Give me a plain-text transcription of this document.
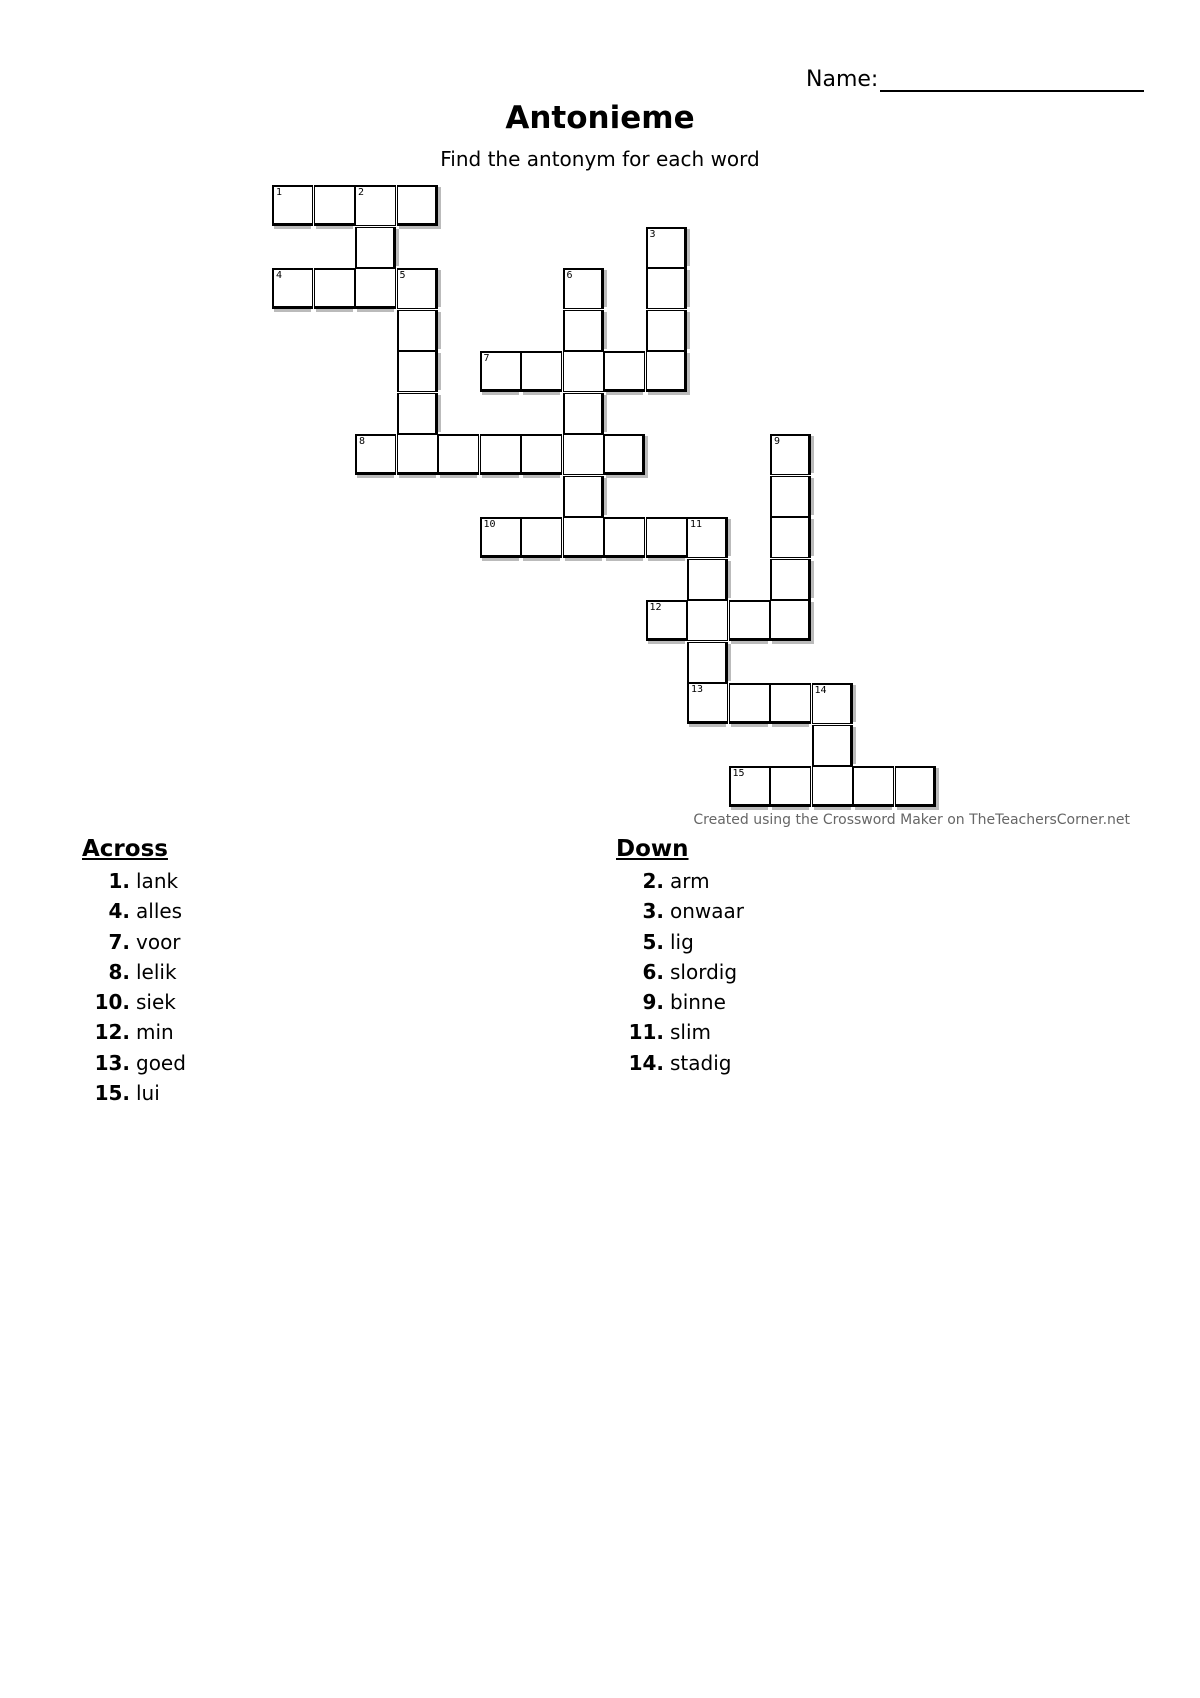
Name:
Antonieme
Find the antonym for each word
1	2
3
4	5	6
7
8	9
10	11
13
12
14
15
Created using the Crossword Maker on TheTeachersCorner.net
Across
1. lank
4. alles
7. voor
8. lelik
10. siek
12. min
13. goed
15. lui
Down
2. arm
3. onwaar
5. lig
6. slordig
9. binne
11. slim
14. stadig
